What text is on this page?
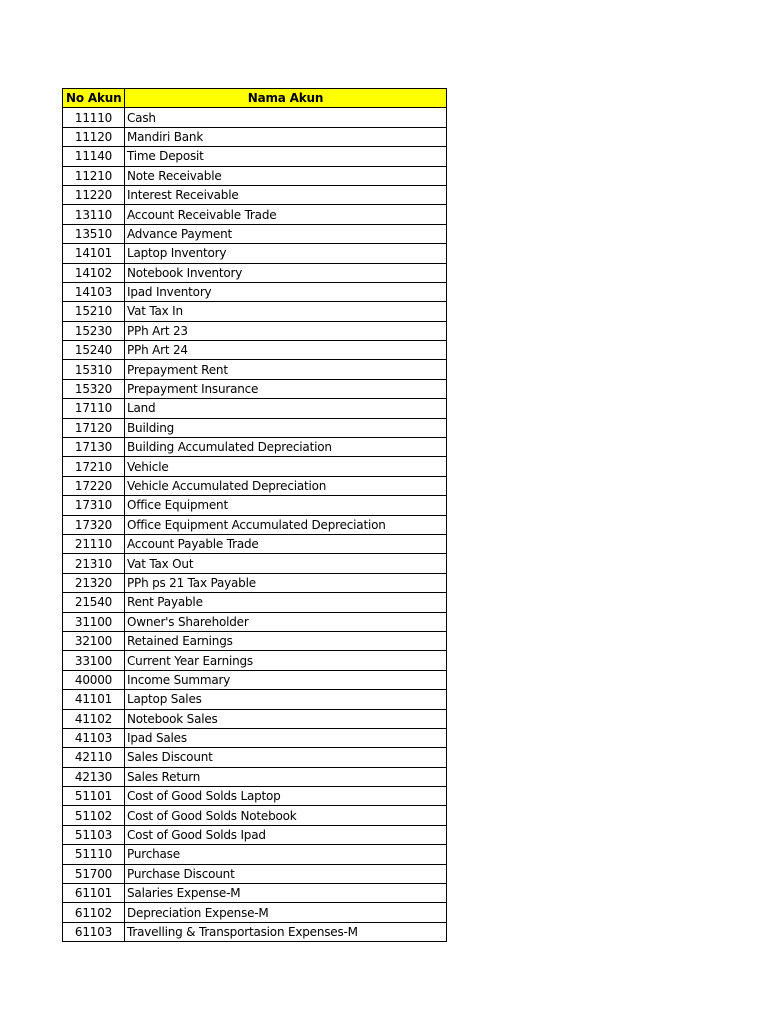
No Akun	Nama Akun
11110	Cash
11120	Mandiri Bank
11140	Time Deposit
11210	Note Receivable
11220	Interest Receivable
13110	Account Receivable Trade
13510	Advance Payment
14101	Laptop Inventory
14102	Notebook Inventory
14103	Ipad Inventory
15210	Vat Tax In
15230	PPh Art 23
15240	PPh Art 24
15310	Prepayment Rent
15320	Prepayment Insurance
17110	Land
17120	Building
17130	Building Accumulated Depreciation
17210	Vehicle
17220	Vehicle Accumulated Depreciation
17310	Office Equipment
17320	Office Equipment Accumulated Depreciation
21110	Account Payable Trade
21310	Vat Tax Out
21320	PPh ps 21 Tax Payable
21540	Rent Payable
31100	Owner's Shareholder
32100	Retained Earnings
33100	Current Year Earnings
40000	Income Summary
41101	Laptop Sales
41102	Notebook Sales
41103	Ipad Sales
42110	Sales Discount
42130	Sales Return
51101	Cost of Good Solds Laptop
51102	Cost of Good Solds Notebook
51103	Cost of Good Solds Ipad
51110	Purchase
51700	Purchase Discount
61101	Salaries Expense-M
61102	Depreciation Expense-M
61103	Travelling & Transportasion Expenses-M
